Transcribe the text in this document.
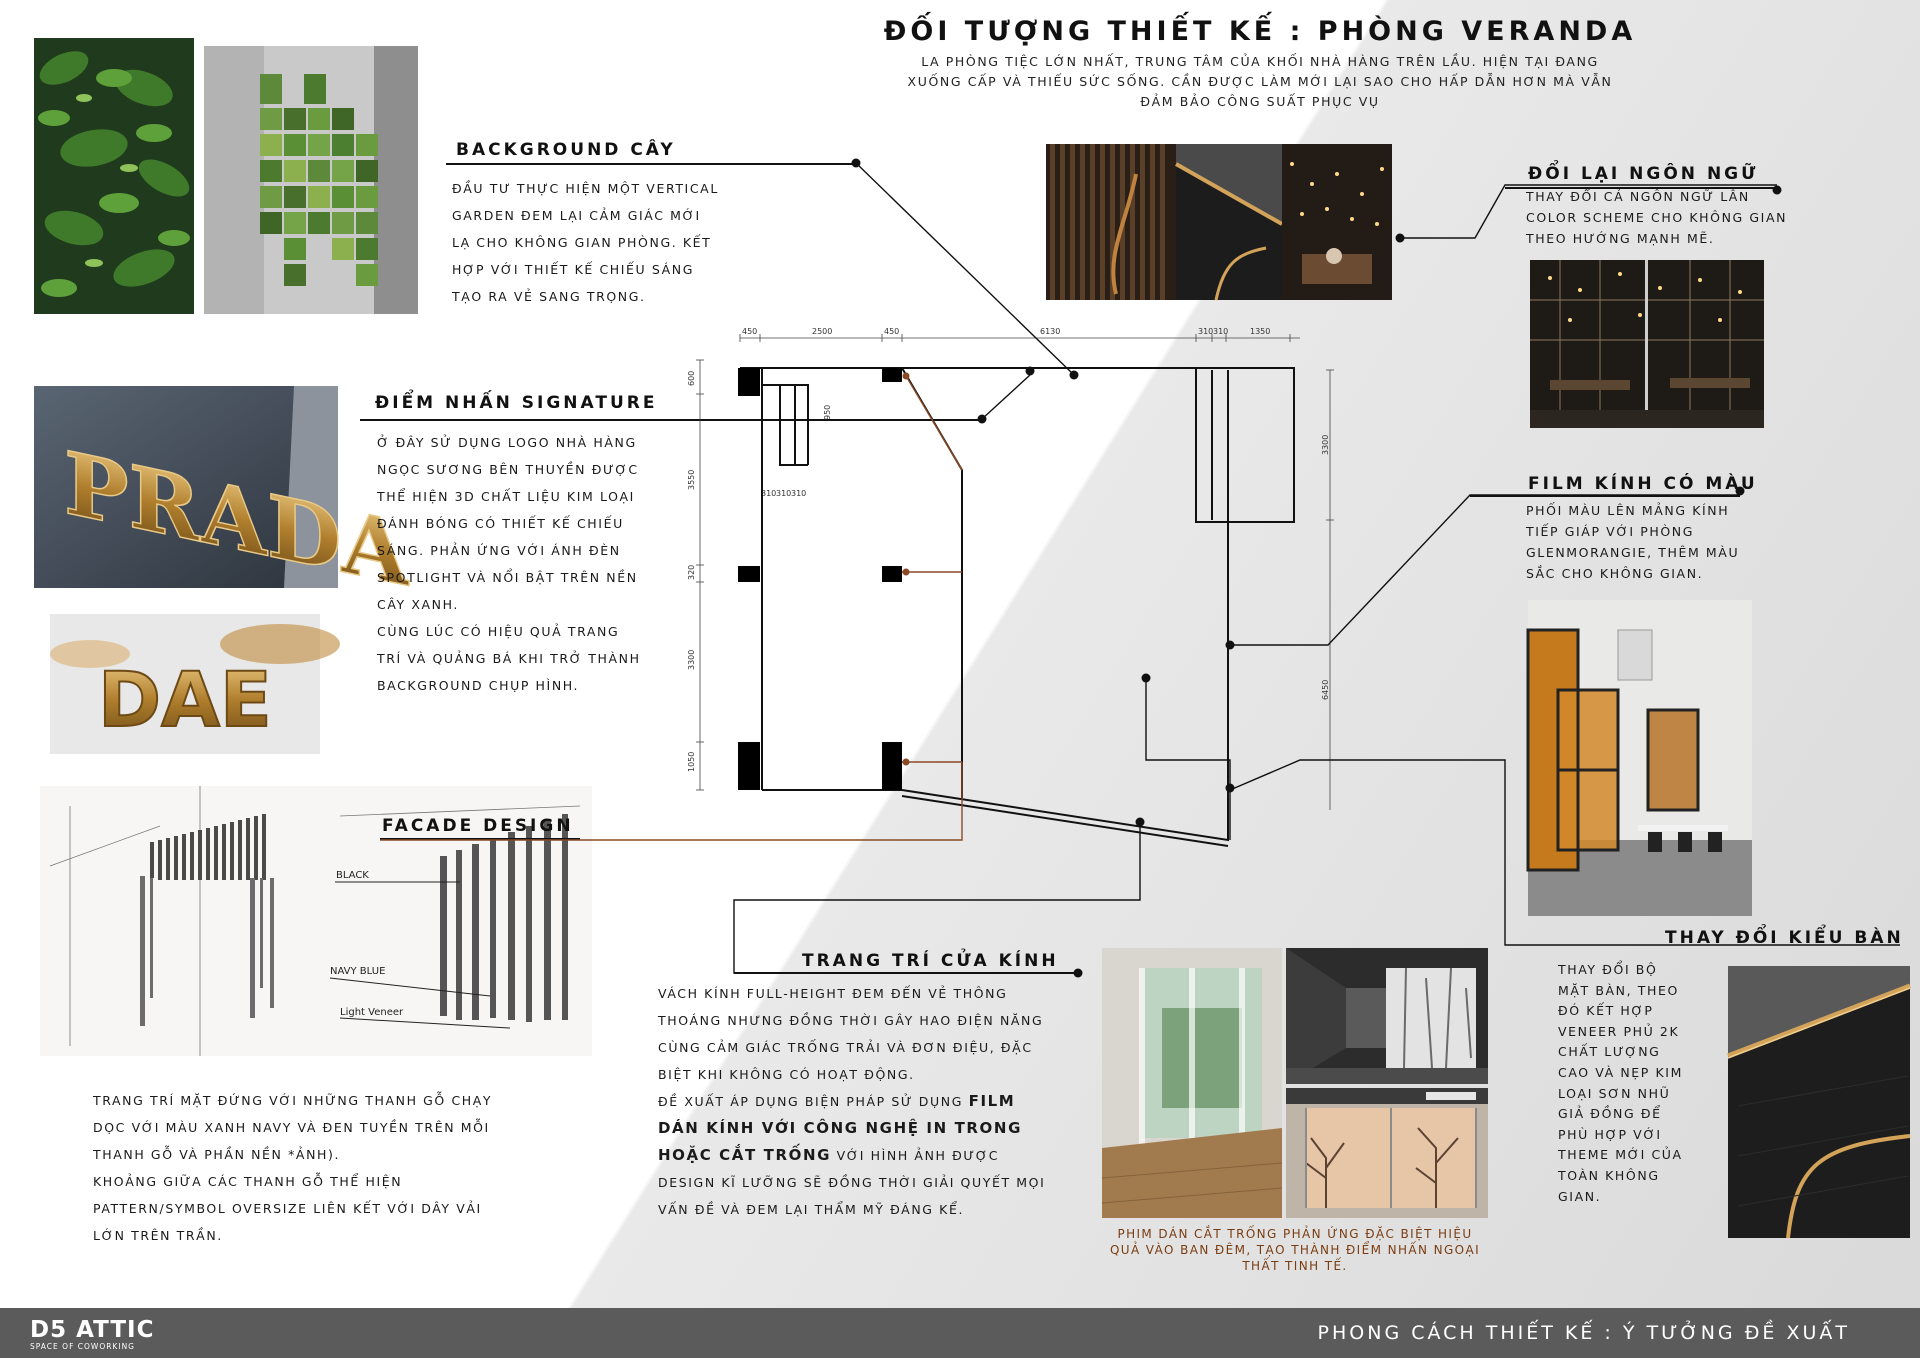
ĐỐI TƯỢNG THIẾT KẾ : PHÒNG VERANDA
LA PHÒNG TIỆC LỚN NHẤT, TRUNG TÂM CỦA KHỐI NHÀ HÀNG TRÊN LẦU. HIỆN TẠI ĐANG
XUỐNG CẤP VÀ THIẾU SỨC SỐNG. CẦN ĐƯỢC LÀM MỚI LẠI SAO CHO HẤP DẪN HƠN MÀ VẪN
ĐẢM BẢO CÔNG SUẤT PHỤC VỤ
BACKGROUND CÂY

ĐẦU TƯ THỰC HIỆN MỘT VERTICAL

GARDEN ĐEM LẠI CẢM GIÁC MỚI

LẠ CHO KHÔNG GIAN PHÒNG. KẾT

HỢP VỚI THIẾT KẾ CHIẾU SÁNG

TẠO RA VẺ SANG TRỌNG.

PRADA
DAE
ĐIỂM NHẤN SIGNATURE

Ở ĐÂY SỬ DỤNG LOGO NHÀ HÀNG

NGỌC SƯƠNG BÊN THUYỀN ĐƯỢC

THỂ HIỆN 3D CHẤT LIỆU KIM LOẠI

ĐÁNH BÓNG CÓ THIẾT KẾ CHIẾU

SÁNG. PHẢN ỨNG VỚI ÁNH ĐÈN

SPOTLIGHT VÀ NỔI BẬT TRÊN NỀN

CÂY XANH.

CÙNG LÚC CÓ HIỆU QUẢ TRANG

TRÍ VÀ QUẢNG BÁ KHI TRỞ THÀNH

BACKGROUND CHỤP HÌNH.

BLACK
NAVY BLUE
Light Veneer
FACADE DESIGN

TRANG TRÍ MẶT ĐỨNG VỚI NHỮNG THANH GỖ CHẠY

DỌC VỚI MÀU XANH NAVY VÀ ĐEN TUYỀN TRÊN MỖI

THANH GỖ VÀ PHẦN NỀN *ẢNH).

KHOẢNG GIỮA CÁC THANH GỖ THỂ HIỆN

PATTERN/SYMBOL OVERSIZE LIÊN KẾT VỚI DÂY VẢI

LỚN TRÊN TRẦN.

450	2500	450	6130	310 310	1350
600
3550
320
3300
1050
950
310 310 310
3300
6450
ĐỔI LẠI NGÔN NGỮ

THAY ĐỔI CẢ NGÔN NGỮ LẪN

COLOR SCHEME CHO KHÔNG GIAN

THEO HƯỚNG MẠNH MẼ.

FILM KÍNH CÓ MÀU

PHỐI MÀU LÊN MẢNG KÍNH

TIẾP GIÁP VỚI PHÒNG

GLENMORANGIE, THÊM MÀU

SẮC CHO KHÔNG GIAN.

TRANG TRÍ CỬA KÍNH

VÁCH KÍNH FULL-HEIGHT ĐEM ĐẾN VẺ THÔNG

THOÁNG NHƯNG ĐỒNG THỜI GÂY HAO ĐIỆN NĂNG

CÙNG CẢM GIÁC TRỐNG TRẢI VÀ ĐƠN ĐIỆU, ĐẶC

BIỆT KHI KHÔNG CÓ HOẠT ĐỘNG.

ĐỀ XUẤT ÁP DỤNG BIỆN PHÁP SỬ DỤNG FILM

DÁN KÍNH VỚI CÔNG NGHỆ IN TRONG

HOẶC CẮT TRỐNG VỚI HÌNH ẢNH ĐƯỢC

DESIGN KĨ LƯỠNG SẼ ĐỒNG THỜI GIẢI QUYẾT MỌI

VẤN ĐỀ VÀ ĐEM LẠI THẨM MỸ ĐÁNG KỂ.

PHIM DÁN CẮT TRỐNG PHẢN ỨNG ĐẶC BIỆT HIỆU
QUẢ VÀO BAN ĐÊM, TẠO THÀNH ĐIỂM NHẤN NGOẠI
THẤT TINH TẾ.
THAY ĐỔI KIỂU BÀN

THAY ĐỔI BỘ

MẶT BÀN, THEO

ĐÓ KẾT HỢP

VENEER PHỦ 2K

CHẤT LƯỢNG

CAO VÀ NẸP KIM

LOẠI SƠN NHŨ

GIẢ ĐỒNG ĐỂ

PHÙ HỢP VỚI

THEME MỚI CỦA

TOÀN KHÔNG

GIAN.

D5 ATTIC
SPACE OF COWORKING
PHONG CÁCH THIẾT KẾ : Ý TƯỞNG ĐỀ XUẤT
